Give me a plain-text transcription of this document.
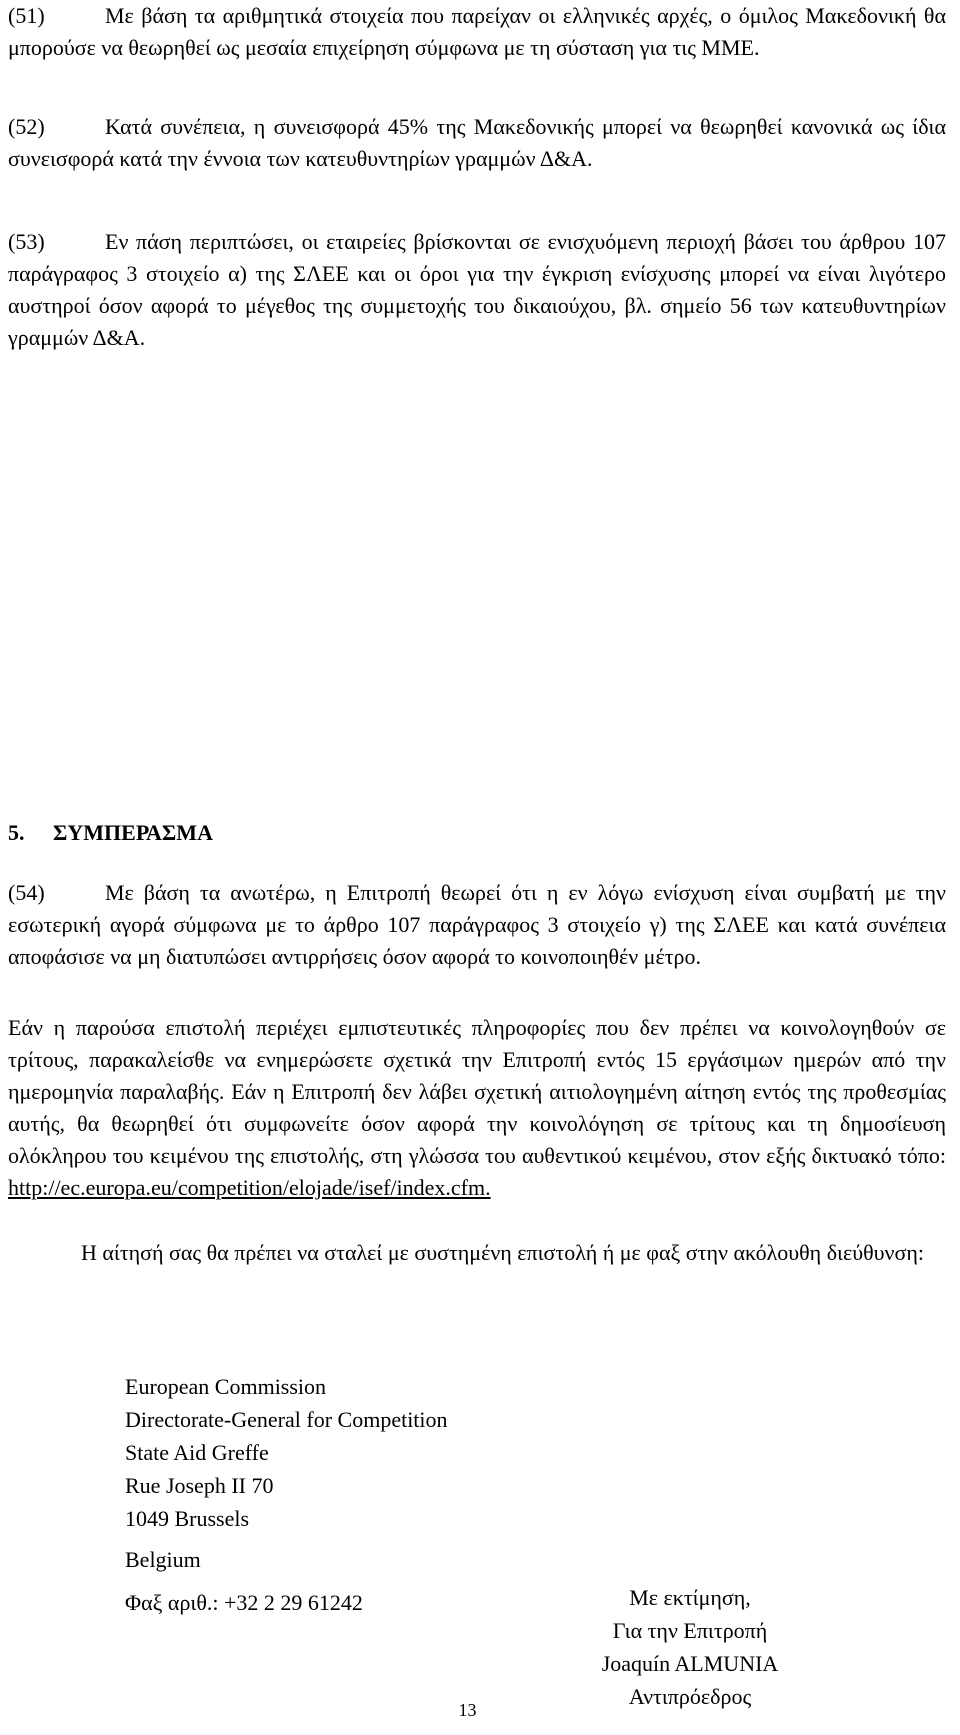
(51)	Με βάση τα αριθμητικά στοιχεία που παρείχαν οι ελληνικές αρχές, ο όμιλος Μακεδονική θα μπορούσε να θεωρηθεί ως μεσαία επιχείρηση σύμφωνα με τη σύσταση για τις ΜΜΕ.

(52)	Κατά συνέπεια, η συνεισφορά 45% της Μακεδονικής μπορεί να θεωρηθεί κανονικά ως ίδια συνεισφορά κατά την έννοια των κατευθυντηρίων γραμμών Δ&Α.

(53)	Εν πάση περιπτώσει, οι εταιρείες βρίσκονται σε ενισχυόμενη περιοχή βάσει του άρθρου 107 παράγραφος 3 στοιχείο α) της ΣΛΕΕ και οι όροι για την έγκριση ενίσχυσης μπορεί να είναι λιγότερο αυστηροί όσον αφορά το μέγεθος της συμμετοχής του δικαιούχου, βλ. σημείο 56 των κατευθυντηρίων γραμμών Δ&Α.

5. ΣΥΜΠΕΡΑΣΜΑ
(54)	Με βάση τα ανωτέρω, η Επιτροπή θεωρεί ότι η εν λόγω ενίσχυση είναι συμβατή με την εσωτερική αγορά σύμφωνα με το άρθρο 107 παράγραφος 3 στοιχείο γ) της ΣΛΕΕ και κατά συνέπεια αποφάσισε να μη διατυπώσει αντιρρήσεις όσον αφορά το κοινοποιηθέν μέτρο.

Εάν η παρούσα επιστολή περιέχει εμπιστευτικές πληροφορίες που δεν πρέπει να κοινολογηθούν σε τρίτους, παρακαλείσθε να ενημερώσετε σχετικά την Επιτροπή εντός 15 εργάσιμων ημερών από την ημερομηνία παραλαβής. Εάν η Επιτροπή δεν λάβει σχετική αιτιολογημένη αίτηση εντός της προθεσμίας αυτής, θα θεωρηθεί ότι συμφωνείτε όσον αφορά την κοινολόγηση σε τρίτους και τη δημοσίευση ολόκληρου του κειμένου της επιστολής, στη γλώσσα του αυθεντικού κειμένου, στον εξής δικτυακό τόπο: http://ec.europa.eu/competition/elojade/isef/index.cfm.

Η αίτησή σας θα πρέπει να σταλεί με συστημένη επιστολή ή με φαξ στην ακόλουθη διεύθυνση:

European Commission
Directorate-General for Competition
State Aid Greffe
Rue Joseph II 70
1049 Brussels
Belgium
Φαξ αριθ.: +32 2 29 61242	Με εκτίμηση,
Για την Επιτροπή
Joaquín ALMUNIA
Αντιπρόεδρος
13
